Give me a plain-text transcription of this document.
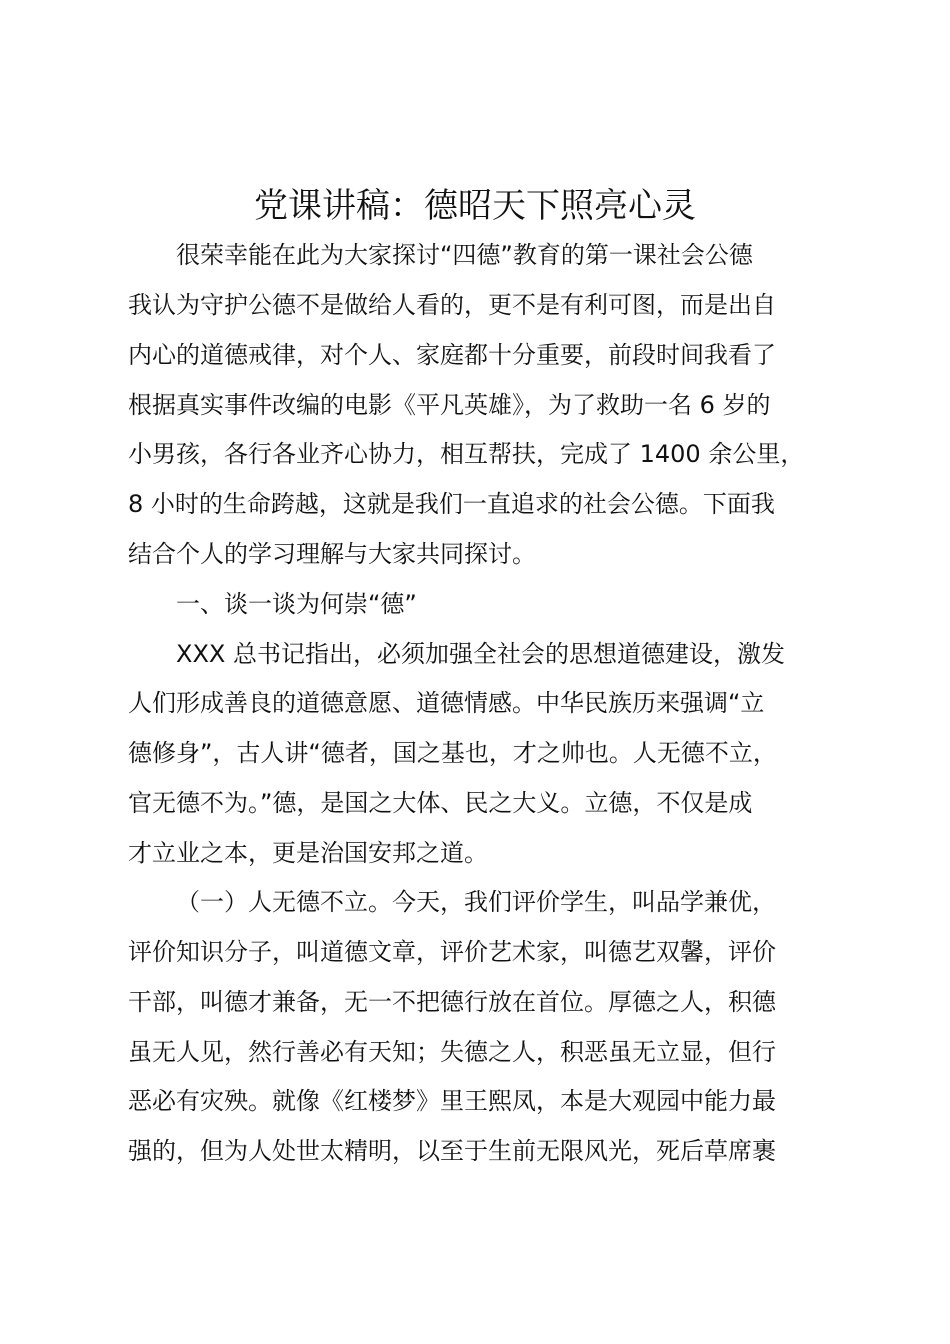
党课讲稿：德昭天下照亮心灵
很荣幸能在此为大家探讨“四德”教育的第一课社会公德
我认为守护公德不是做给人看的，更不是有利可图，而是出自
内心的道德戒律，对个人、家庭都十分重要，前段时间我看了
根据真实事件改编的电影《平凡英雄》，为了救助一名 6 岁的
小男孩，各行各业齐心协力，相互帮扶，完成了 1400 余公里，
8 小时的生命跨越，这就是我们一直追求的社会公德。下面我
结合个人的学习理解与大家共同探讨。
一、谈一谈为何崇“德”
XXX 总书记指出，必须加强全社会的思想道德建设，激发
人们形成善良的道德意愿、道德情感。中华民族历来强调“立
德修身”，古人讲“德者，国之基也，才之帅也。人无德不立，
官无德不为。”德，是国之大体、民之大义。立德，不仅是成
才立业之本，更是治国安邦之道。
（一）人无德不立。今天，我们评价学生，叫品学兼优，
评价知识分子，叫道德文章，评价艺术家，叫德艺双馨，评价
干部，叫德才兼备，无一不把德行放在首位。厚德之人，积德
虽无人见，然行善必有天知；失德之人，积恶虽无立显，但行
恶必有灾殃。就像《红楼梦》里王熙凤，本是大观园中能力最
强的，但为人处世太精明，以至于生前无限风光，死后草席裹
